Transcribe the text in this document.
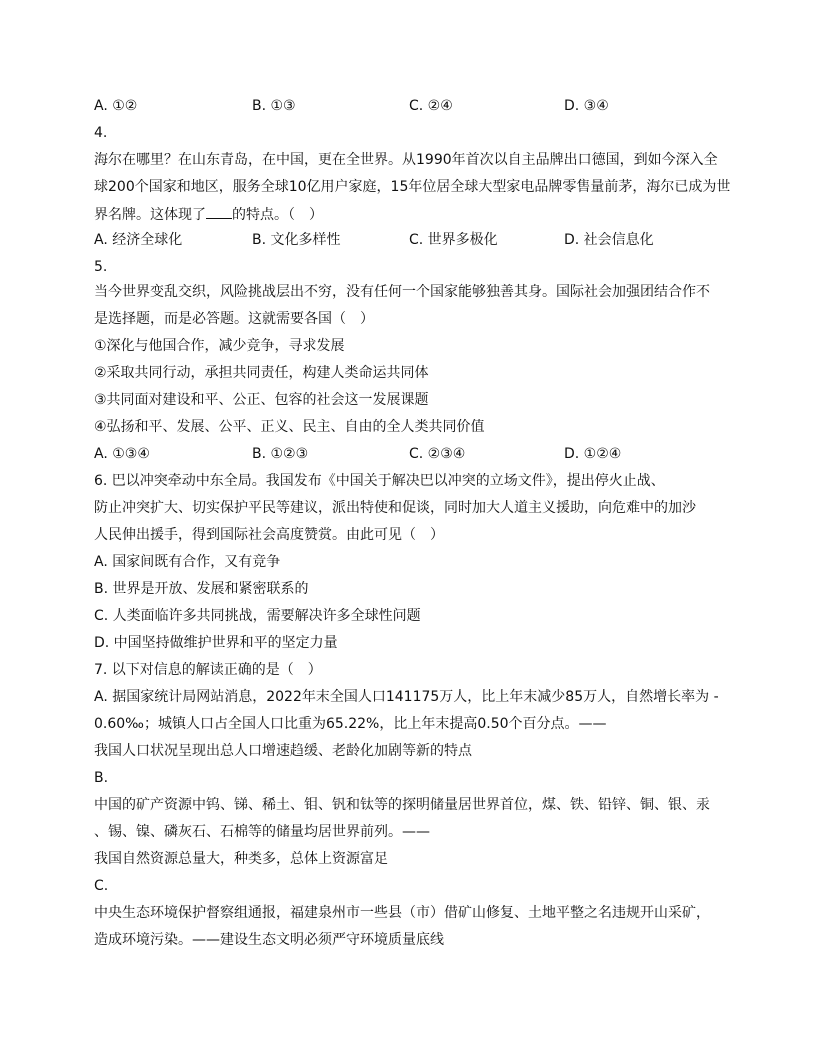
A. ①②	B. ①③	C. ②④	D. ③④
4.
海尔在哪里？在山东青岛，在中国，更在全世界。从1990年首次以自主品牌出口德国，到如今深入全
球200个国家和地区，服务全球10亿用户家庭，15年位居全球大型家电品牌零售量前茅，海尔已成为世
界名牌。这体现了 的特点。（　）
A. 经济全球化	B. 文化多样性	C. 世界多极化	D. 社会信息化
5.
当今世界变乱交织，风险挑战层出不穷，没有任何一个国家能够独善其身。国际社会加强团结合作不
是选择题，而是必答题。这就需要各国（　）
①深化与他国合作，减少竞争，寻求发展
②采取共同行动，承担共同责任，构建人类命运共同体
③共同面对建设和平、公正、包容的社会这一发展课题
④弘扬和平、发展、公平、正义、民主、自由的全人类共同价值
A. ①③④	B. ①②③	C. ②③④	D. ①②④
6. 巴以冲突牵动中东全局。我国发布《中国关于解决巴以冲突的立场文件》，提出停火止战、
防止冲突扩大、切实保护平民等建议，派出特使和促谈，同时加大人道主义援助，向危难中的加沙
人民伸出援手，得到国际社会高度赞赏。由此可见（　）
A. 国家间既有合作，又有竞争
B. 世界是开放、发展和紧密联系的
C. 人类面临许多共同挑战，需要解决许多全球性问题
D. 中国坚持做维护世界和平的坚定力量
7. 以下对信息的解读正确的是（　）
A. 据国家统计局网站消息，2022年末全国人口141175万人，比上年末减少85万人，自然增长率为 -
0.60‰；城镇人口占全国人口比重为65.22%，比上年末提高0.50个百分点。——
我国人口状况呈现出总人口增速趋缓、老龄化加剧等新的特点
B.
中国的矿产资源中钨、锑、稀土、钼、钒和钛等的探明储量居世界首位，煤、铁、铅锌、铜、银、汞
、锡、镍、磷灰石、石棉等的储量均居世界前列。——
我国自然资源总量大，种类多，总体上资源富足
C.
中央生态环境保护督察组通报，福建泉州市一些县（市）借矿山修复、土地平整之名违规开山采矿，
造成环境污染。——建设生态文明必须严守环境质量底线
